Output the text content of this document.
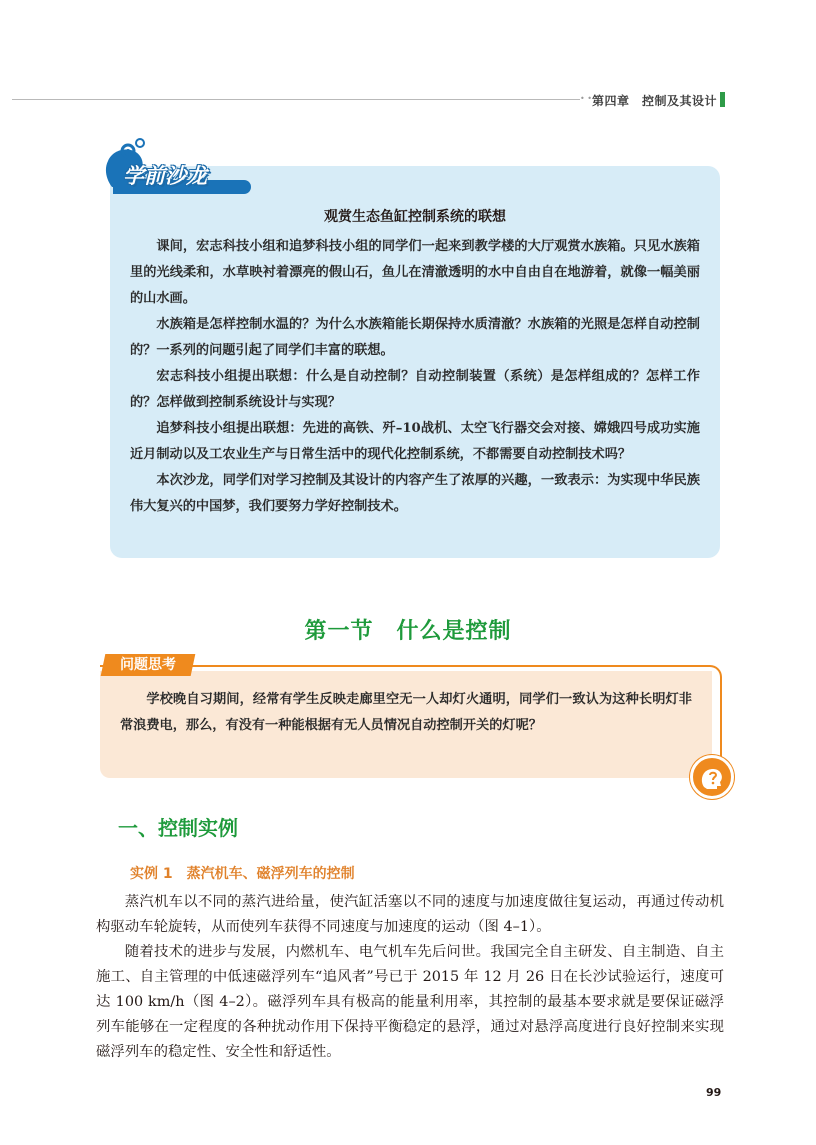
• • 第四章　控制及其设计
学前沙龙
观赏生态鱼缸控制系统的联想

课间，宏志科技小组和追梦科技小组的同学们一起来到教学楼的大厅观赏水族箱。只见水族箱里的光线柔和，水草映衬着漂亮的假山石，鱼儿在清澈透明的水中自由自在地游着，就像一幅美丽的山水画。

水族箱是怎样控制水温的？为什么水族箱能长期保持水质清澈？水族箱的光照是怎样自动控制的？一系列的问题引起了同学们丰富的联想。

宏志科技小组提出联想：什么是自动控制？自动控制装置（系统）是怎样组成的？怎样工作的？怎样做到控制系统设计与实现？

追梦科技小组提出联想：先进的高铁、歼–10战机、太空飞行器交会对接、嫦娥四号成功实施近月制动以及工农业生产与日常生活中的现代化控制系统，不都需要自动控制技术吗？

本次沙龙，同学们对学习控制及其设计的内容产生了浓厚的兴趣，一致表示：为实现中华民族伟大复兴的中国梦，我们要努力学好控制技术。

第一节　什么是控制
问题思考

学校晚自习期间，经常有学生反映走廊里空无一人却灯火通明，同学们一致认为这种长明灯非常浪费电，那么，有没有一种能根据有无人员情况自动控制开关的灯呢？

一、控制实例
实例 1　蒸汽机车、磁浮列车的控制

蒸汽机车以不同的蒸汽进给量，使汽缸活塞以不同的速度与加速度做往复运动，再通过传动机构驱动车轮旋转，从而使列车获得不同速度与加速度的运动（图 4–1）。

随着技术的进步与发展，内燃机车、电气机车先后问世。我国完全自主研发、自主制造、自主施工、自主管理的中低速磁浮列车“追风者”号已于 2015 年 12 月 26 日在长沙试验运行，速度可达 100 km/h（图 4–2）。磁浮列车具有极高的能量利用率，其控制的最基本要求就是要保证磁浮列车能够在一定程度的各种扰动作用下保持平衡稳定的悬浮，通过对悬浮高度进行良好控制来实现磁浮列车的稳定性、安全性和舒适性。

99
